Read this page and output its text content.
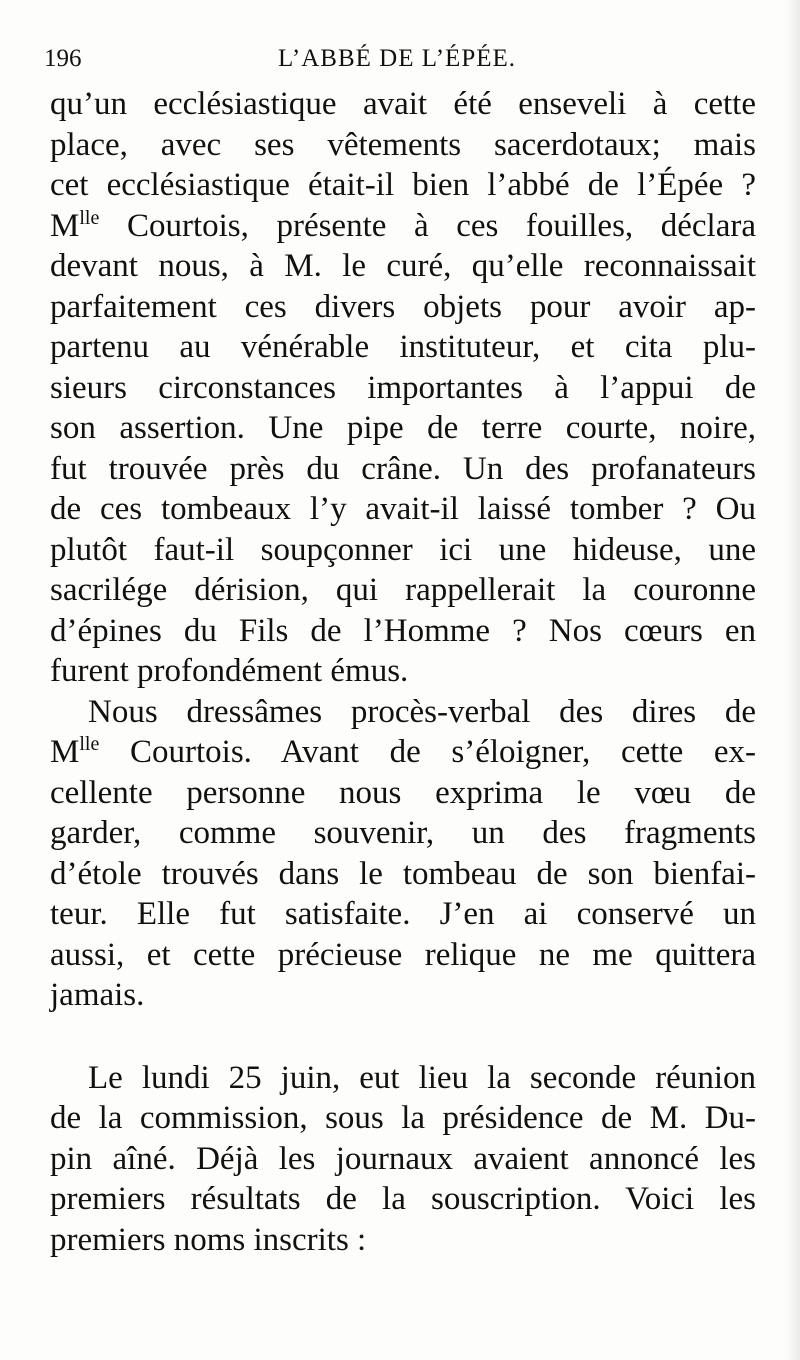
196	L’ABBÉ DE L’ÉPÉE.
qu’un ecclésiastique avait été enseveli à cette
place, avec ses vêtements sacerdotaux; mais
cet ecclésiastique était-il bien l’abbé de l’Épée ?
$M^{lle}$ Courtois, présente à ces fouilles, déclara
devant nous, à M. le curé, qu’elle reconnaissait
parfaitement ces divers objets pour avoir ap-
partenu au vénérable instituteur, et cita plu-
sieurs circonstances importantes à l’appui de
son assertion. Une pipe de terre courte, noire,
fut trouvée près du crâne. Un des profanateurs
de ces tombeaux l’y avait-il laissé tomber ? Ou
plutôt faut-il soupçonner ici une hideuse, une
sacrilége dérision, qui rappellerait la couronne
d’épines du Fils de l’Homme ? Nos cœurs en
furent profondément émus.
Nous dressâmes procès-verbal des dires de
$M^{lle}$ Courtois. Avant de s’éloigner, cette ex-
cellente personne nous exprima le vœu de
garder, comme souvenir, un des fragments
d’étole trouvés dans le tombeau de son bienfai-
teur. Elle fut satisfaite. J’en ai conservé un
aussi, et cette précieuse relique ne me quittera
jamais.
Le lundi 25 juin, eut lieu la seconde réunion
de la commission, sous la présidence de M. Du-
pin aîné. Déjà les journaux avaient annoncé les
premiers résultats de la souscription. Voici les
premiers noms inscrits :
